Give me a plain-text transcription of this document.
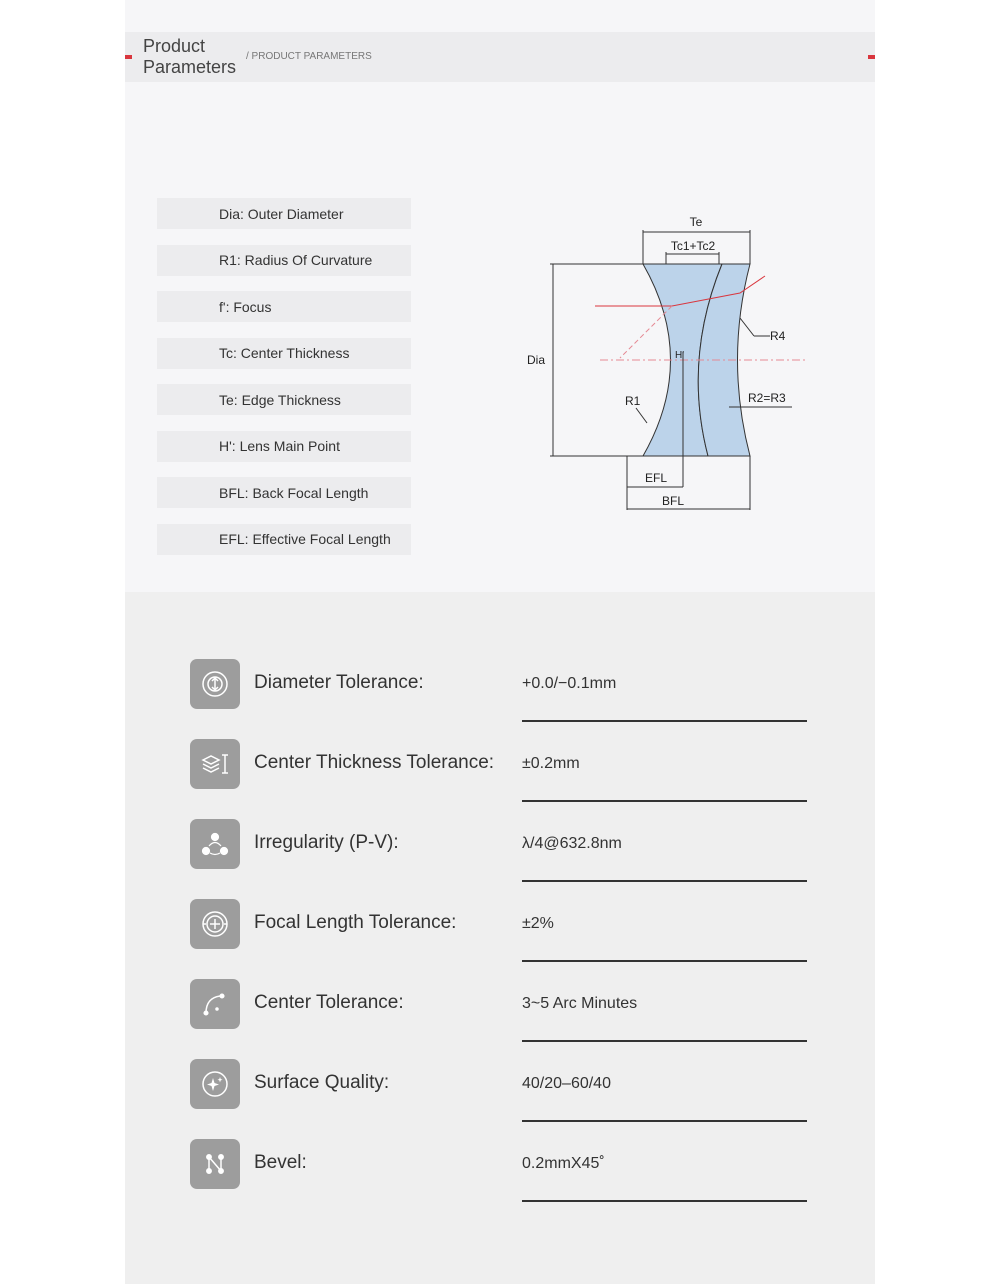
Product Parameters
/ PRODUCT PARAMETERS
Dia: Outer Diameter
R1: Radius Of Curvature
f': Focus
Tc: Center Thickness
Te: Edge Thickness
H': Lens Main Point
BFL: Back Focal Length
EFL: Effective Focal Length
Te
Tc1+Tc2
Dia
R4
H'
R1	R2=R3
EFL
BFL
Diameter Tolerance:	+0.0/−0.1mm
Center Thickness Tolerance: ±0.2mm
Irregularity (P-V):	λ/4@632.8nm
Focal Length Tolerance:	±2%
Center Tolerance:	3~5 Arc Minutes
Surface Quality:	40/20–60/40
Bevel:	0.2mmX45˚
